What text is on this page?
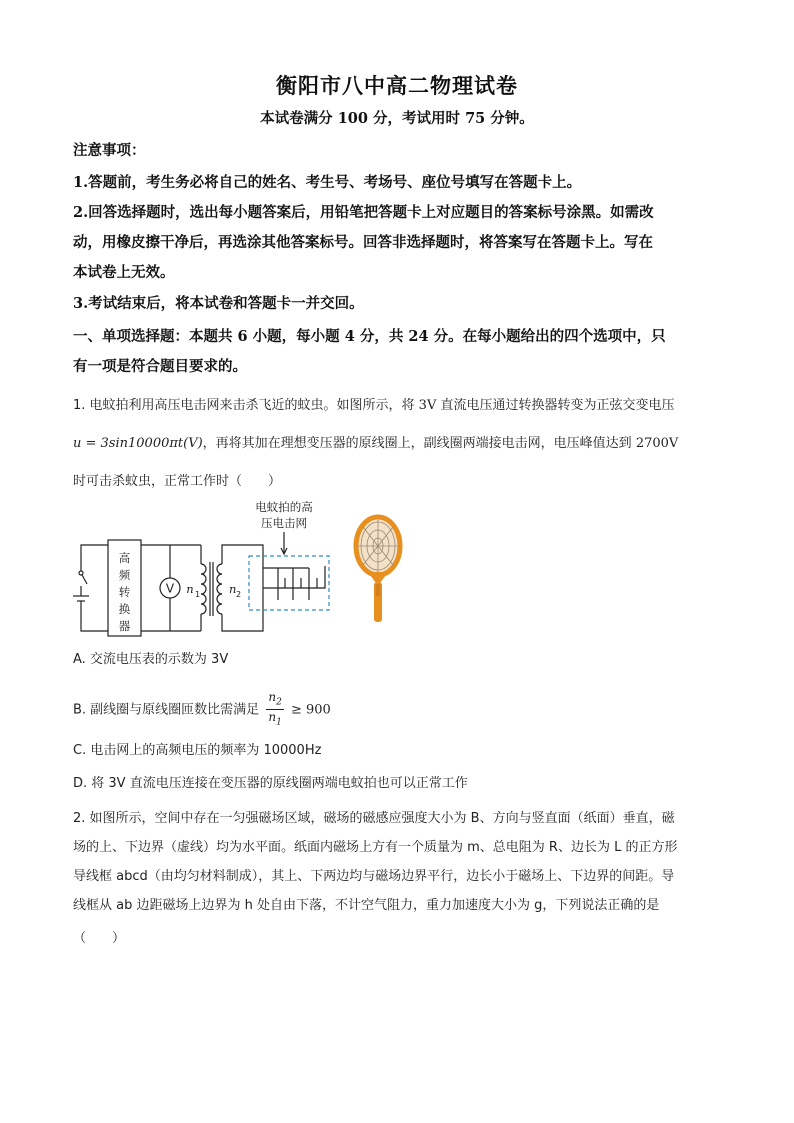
衡阳市八中高二物理试卷
本试卷满分 100 分，考试用时 75 分钟。
注意事项：
1.答题前，考生务必将自己的姓名、考生号、考场号、座位号填写在答题卡上。
2.回答选择题时，选出每小题答案后，用铅笔把答题卡上对应题目的答案标号涂黑。如需改
动，用橡皮擦干净后，再选涂其他答案标号。回答非选择题时，将答案写在答题卡上。写在
本试卷上无效。
3.考试结束后，将本试卷和答题卡一并交回。
一、单项选择题：本题共 6 小题，每小题 4 分，共 24 分。在每小题给出的四个选项中，只
有一项是符合题目要求的。
1. 电蚊拍利用高压电击网来击杀飞近的蚊虫。如图所示，将 3V 直流电压通过转换器转变为正弦交变电压
u = 3sin10000πt(V)，再将其加在理想变压器的原线圈上，副线圈两端接电击网，电压峰值达到 2700V
时可击杀蚊虫，正常工作时（　　）
高
频
转
换
器
V n 1	n 2
电蚊拍的高
压电击网
A. 交流电压表的示数为 3V
B. 副线圈与原线圈匝数比需满足 $\frac{n_2}{n_1} \ge 900$
C. 电击网上的高频电压的频率为 10000Hz
D. 将 3V 直流电压连接在变压器的原线圈两端电蚊拍也可以正常工作
2. 如图所示，空间中存在一匀强磁场区域，磁场的磁感应强度大小为 B、方向与竖直面（纸面）垂直，磁
场的上、下边界（虚线）均为水平面。纸面内磁场上方有一个质量为 m、总电阻为 R、边长为 L 的正方形
导线框 abcd（由均匀材料制成），其上、下两边均与磁场边界平行，边长小于磁场上、下边界的间距。导
线框从 ab 边距磁场上边界为 h 处自由下落，不计空气阻力，重力加速度大小为 g，下列说法正确的是
（　　）
